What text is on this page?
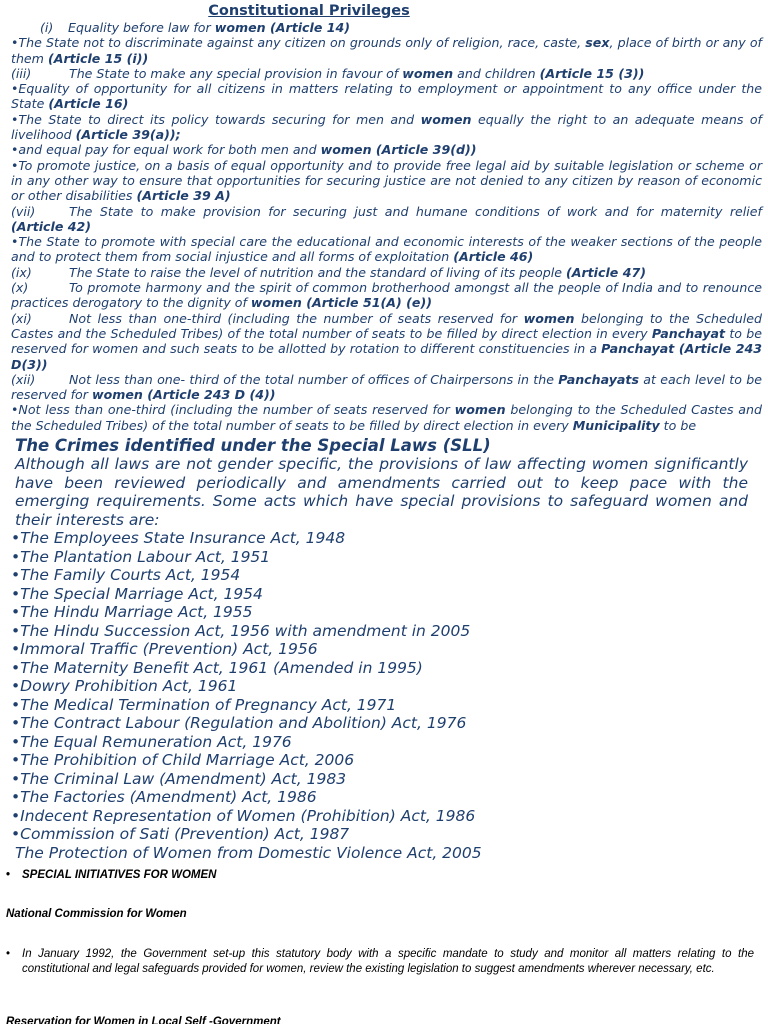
Constitutional Privileges
(i) Equality before law for women (Article 14)
•The State not to discriminate against any citizen on grounds only of religion, race, caste, sex, place of birth or any of them (Article 15 (i))
(iii)	The State to make any special provision in favour of women and children (Article 15 (3))
•Equality of opportunity for all citizens in matters relating to employment or appointment to any office under the State (Article 16)
•The State to direct its policy towards securing for men and women equally the right to an adequate means of livelihood (Article 39(a));
•and equal pay for equal work for both men and women (Article 39(d))
•To promote justice, on a basis of equal opportunity and to provide free legal aid by suitable legislation or scheme or in any other way to ensure that opportunities for securing justice are not denied to any citizen by reason of economic or other disabilities (Article 39 A)
(vii)	The State to make provision for securing just and humane conditions of work and for maternity relief (Article 42)
•The State to promote with special care the educational and economic interests of the weaker sections of the people and to protect them from social injustice and all forms of exploitation (Article 46)
(ix)	The State to raise the level of nutrition and the standard of living of its people (Article 47)
(x)	To promote harmony and the spirit of common brotherhood amongst all the people of India and to renounce practices derogatory to the dignity of women (Article 51(A) (e))
(xi)	Not less than one-third (including the number of seats reserved for women belonging to the Scheduled Castes and the Scheduled Tribes) of the total number of seats to be filled by direct election in every Panchayat to be reserved for women and such seats to be allotted by rotation to different constituencies in a Panchayat (Article 243 D(3))
(xii)	Not less than one- third of the total number of offices of Chairpersons in the Panchayats at each level to be reserved for women (Article 243 D (4))
•Not less than one-third (including the number of seats reserved for women belonging to the Scheduled Castes and the Scheduled Tribes) of the total number of seats to be filled by direct election in every Municipality to be
The Crimes identified under the Special Laws (SLL)
Although all laws are not gender specific, the provisions of law affecting women significantly have been reviewed periodically and amendments carried out to keep pace with the emerging requirements. Some acts which have special provisions to safeguard women and their interests are:
•The Employees State Insurance Act, 1948
•The Plantation Labour Act, 1951
•The Family Courts Act, 1954
•The Special Marriage Act, 1954
•The Hindu Marriage Act, 1955
•The Hindu Succession Act, 1956 with amendment in 2005
•Immoral Traffic (Prevention) Act, 1956
•The Maternity Benefit Act, 1961 (Amended in 1995)
•Dowry Prohibition Act, 1961
•The Medical Termination of Pregnancy Act, 1971
•The Contract Labour (Regulation and Abolition) Act, 1976
•The Equal Remuneration Act, 1976
•The Prohibition of Child Marriage Act, 2006
•The Criminal Law (Amendment) Act, 1983
•The Factories (Amendment) Act, 1986
•Indecent Representation of Women (Prohibition) Act, 1986
•Commission of Sati (Prevention) Act, 1987
The Protection of Women from Domestic Violence Act, 2005
• SPECIAL INITIATIVES FOR WOMEN
National Commission for Women
•	In January 1992, the Government set-up this statutory body with a specific mandate to study and monitor all matters relating to the constitutional and legal safeguards provided for women, review the existing legislation to suggest amendments wherever necessary, etc.
Reservation for Women in Local Self -Government
